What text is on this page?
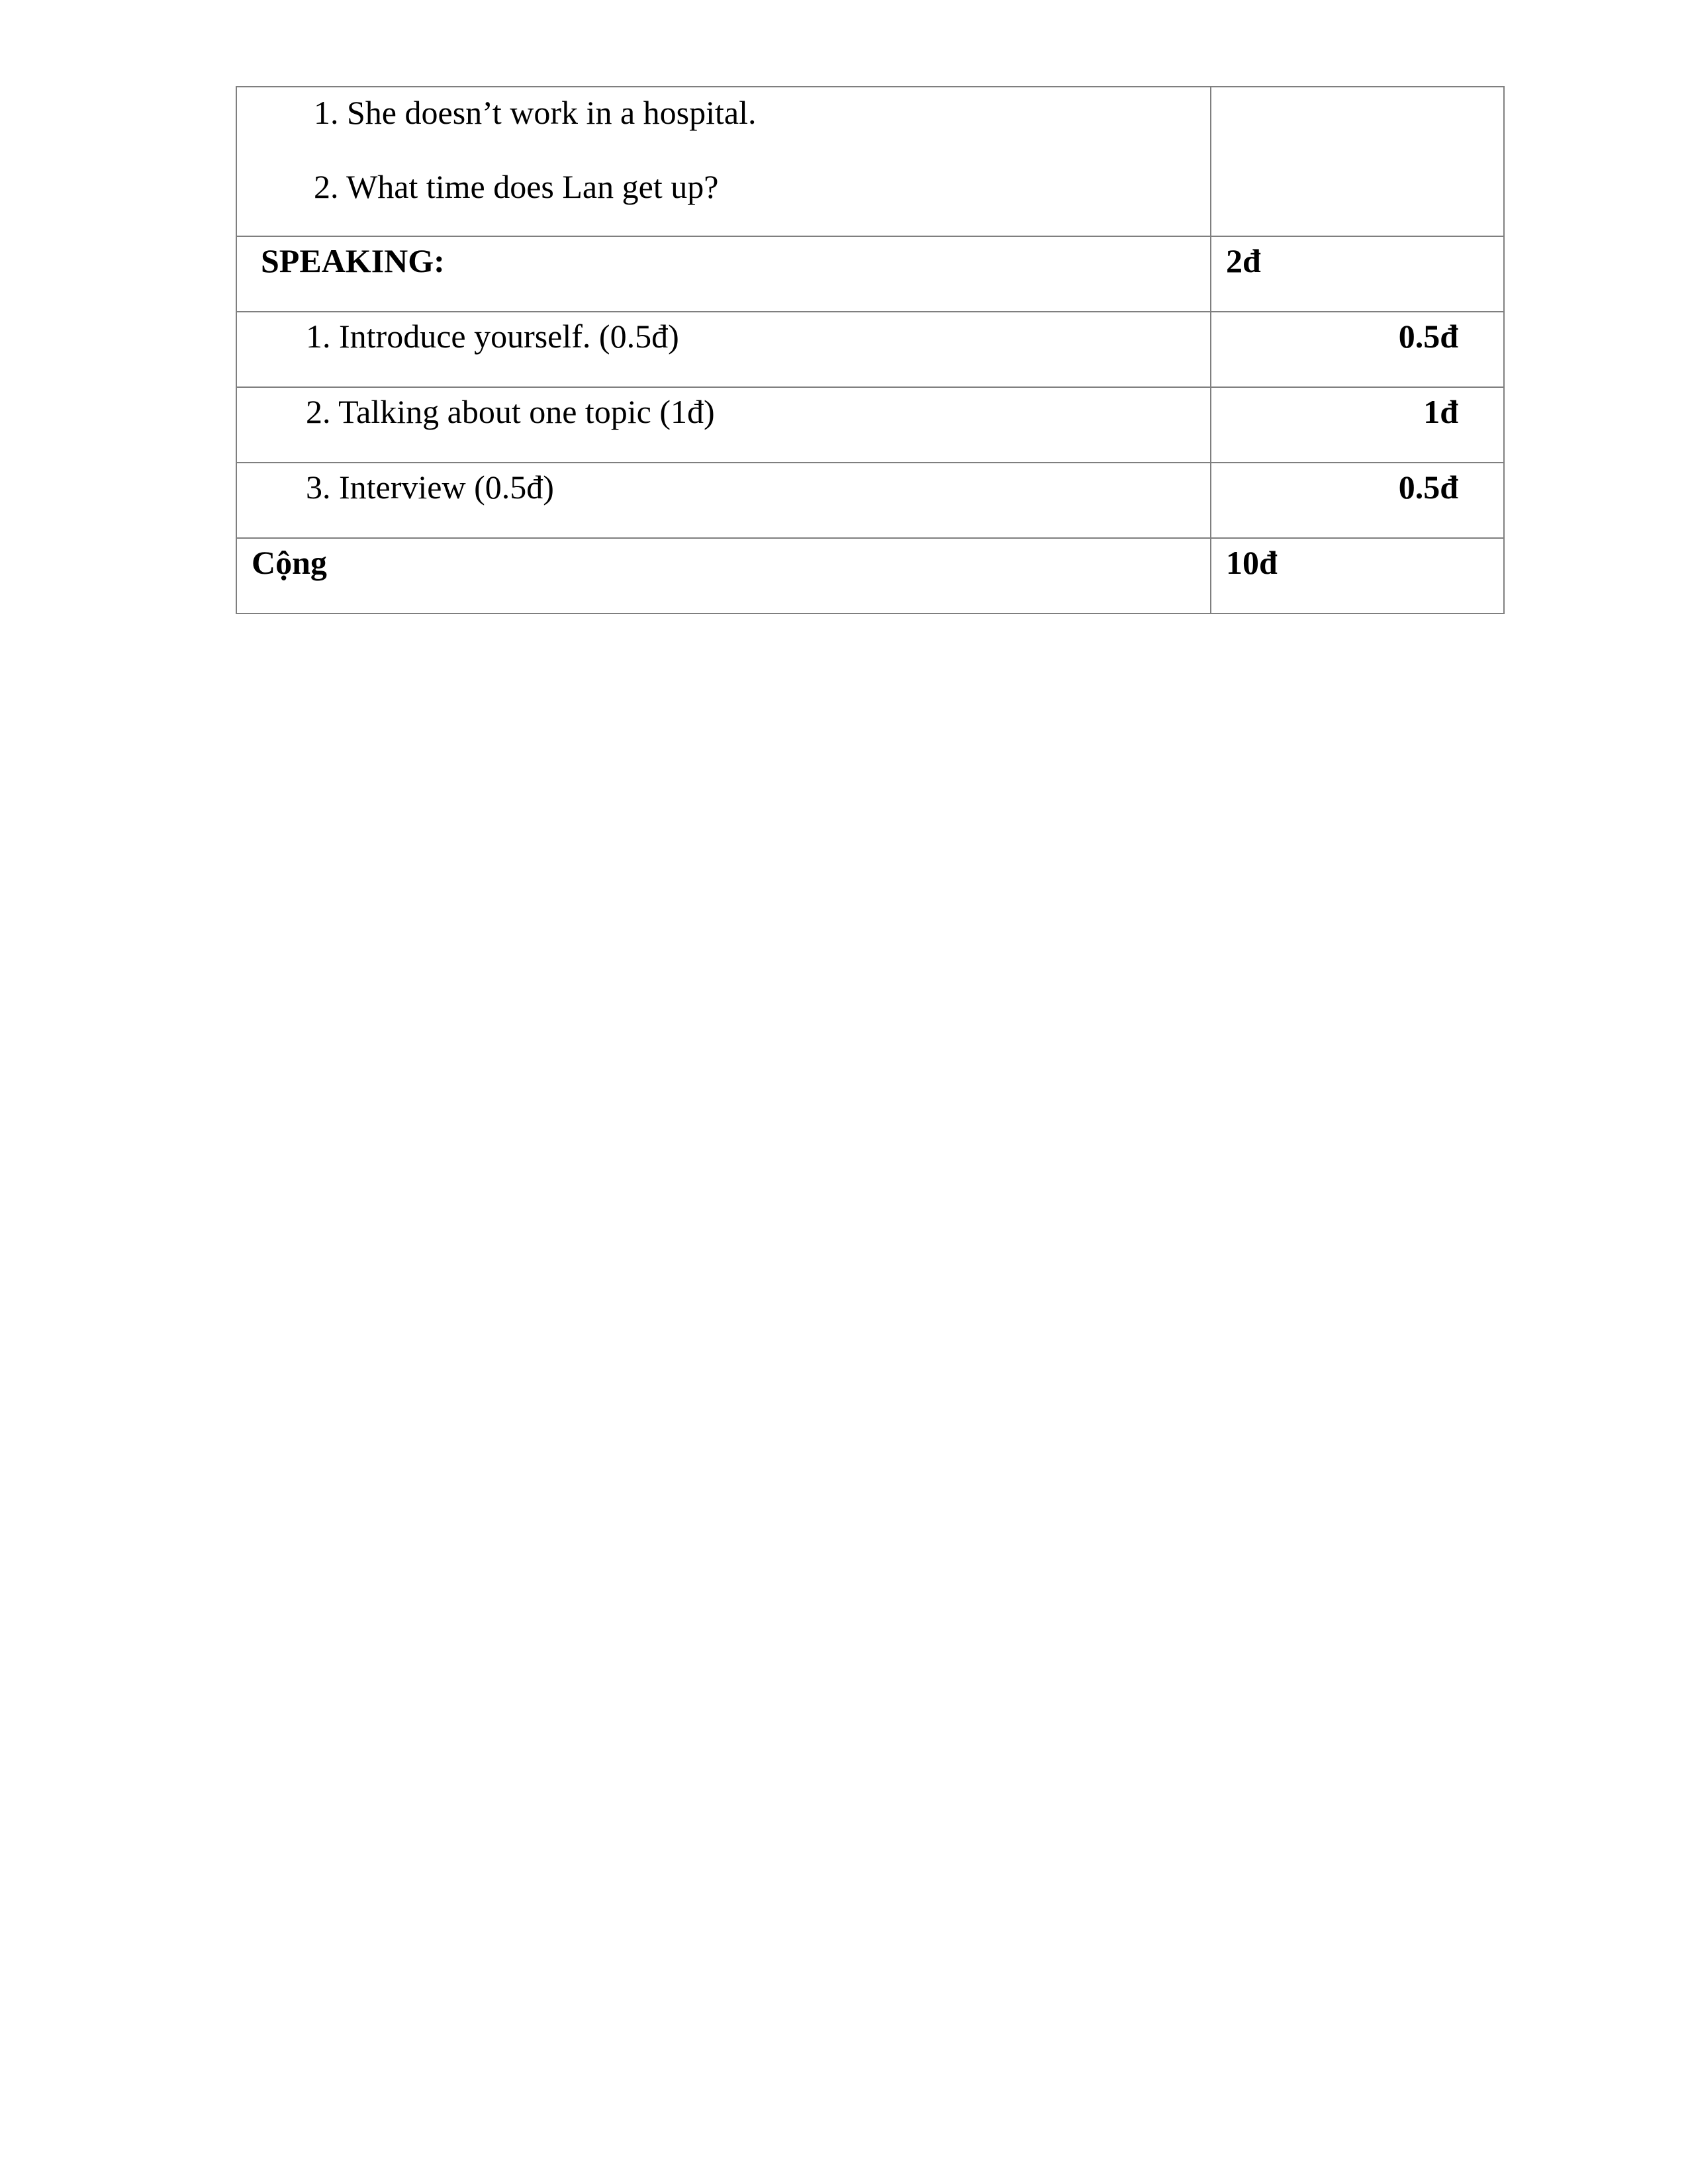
1. She doesn’t work in a hospital.
2. What time does Lan get up?	

SPEAKING:	2đ

1. Introduce yourself. (0.5đ)	0.5đ

2. Talking about one topic (1đ)	1đ

3. Interview (0.5đ)	0.5đ

Cộng	10đ
